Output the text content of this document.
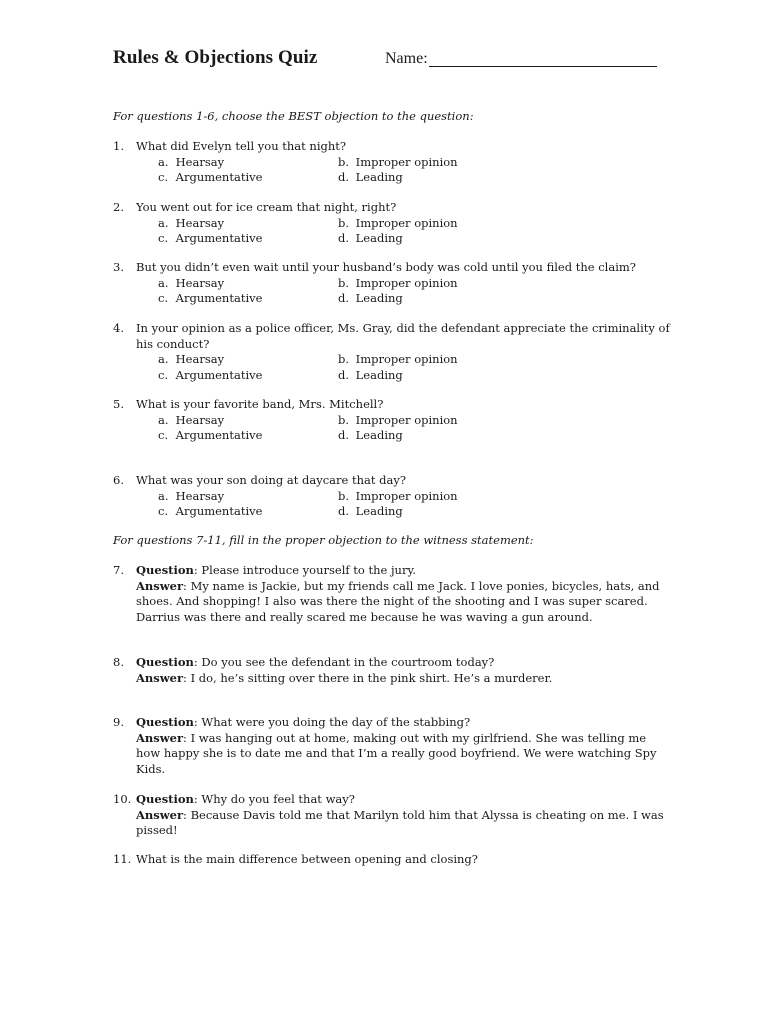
Rules & Objections Quiz	Name:
For questions 1-6, choose the BEST objection to the question:
1. What did Evelyn tell you that night?
a. Hearsay	b. Improper opinion
c. Argumentative	d. Leading
2. You went out for ice cream that night, right?
a. Hearsay	b. Improper opinion
c. Argumentative	d. Leading
3. But you didn’t even wait until your husband’s body was cold until you filed the claim?
a. Hearsay	b. Improper opinion
c. Argumentative	d. Leading
4. In your opinion as a police officer, Ms. Gray, did the defendant appreciate the criminality of his conduct?
a. Hearsay	b. Improper opinion
c. Argumentative	d. Leading
5. What is your favorite band, Mrs. Mitchell?
a. Hearsay	b. Improper opinion
c. Argumentative	d. Leading
6. What was your son doing at daycare that day?
a. Hearsay	b. Improper opinion
c. Argumentative	d. Leading
For questions 7-11, fill in the proper objection to the witness statement:
7. Question: Please introduce yourself to the jury.
Answer: My name is Jackie, but my friends call me Jack. I love ponies, bicycles, hats, and shoes. And shopping! I also was there the night of the shooting and I was super scared. Darrius was there and really scared me because he was waving a gun around.
8. Question: Do you see the defendant in the courtroom today?
Answer: I do, he’s sitting over there in the pink shirt. He’s a murderer.
9. Question: What were you doing the day of the stabbing?
Answer: I was hanging out at home, making out with my girlfriend. She was telling me how happy she is to date me and that I’m a really good boyfriend. We were watching Spy Kids.
10. Question: Why do you feel that way?
Answer: Because Davis told me that Marilyn told him that Alyssa is cheating on me. I was pissed!
11. What is the main difference between opening and closing?
